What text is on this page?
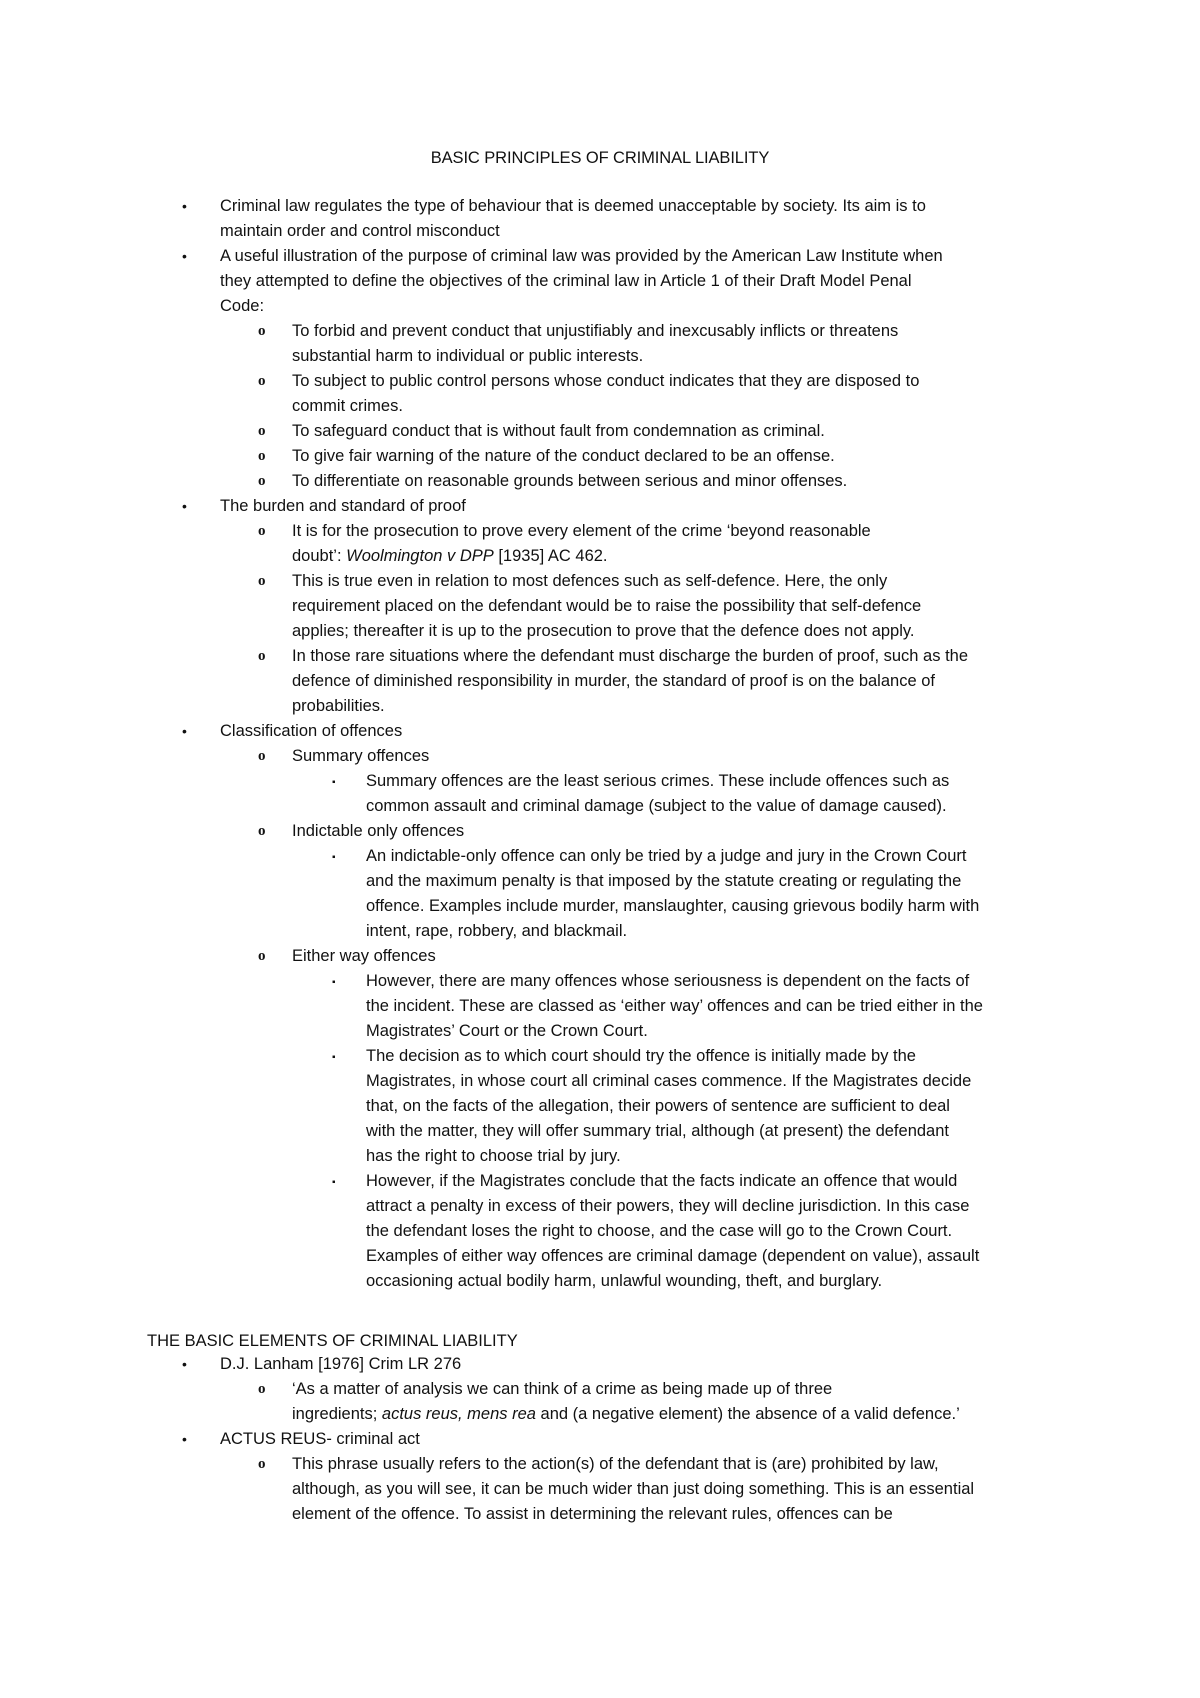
BASIC PRINCIPLES OF CRIMINAL LIABILITY
• Criminal law regulates the type of behaviour that is deemed unacceptable by society. Its aim is to
maintain order and control misconduct
• A useful illustration of the purpose of criminal law was provided by the American Law Institute when
they attempted to define the objectives of the criminal law in Article 1 of their Draft Model Penal
Code:
o To forbid and prevent conduct that unjustifiably and inexcusably inflicts or threatens
substantial harm to individual or public interests.
o To subject to public control persons whose conduct indicates that they are disposed to
commit crimes.
o To safeguard conduct that is without fault from condemnation as criminal.
o To give fair warning of the nature of the conduct declared to be an offense.
o To differentiate on reasonable grounds between serious and minor offenses.
• The burden and standard of proof
o It is for the prosecution to prove every element of the crime ‘beyond reasonable
doubt’: Woolmington v DPP [1935] AC 462.
o This is true even in relation to most defences such as self-defence. Here, the only
requirement placed on the defendant would be to raise the possibility that self-defence
applies; thereafter it is up to the prosecution to prove that the defence does not apply.
o In those rare situations where the defendant must discharge the burden of proof, such as the
defence of diminished responsibility in murder, the standard of proof is on the balance of
probabilities.
• Classification of offences
o Summary offences
▪ Summary offences are the least serious crimes. These include offences such as
common assault and criminal damage (subject to the value of damage caused).
o Indictable only offences
▪ An indictable-only offence can only be tried by a judge and jury in the Crown Court
and the maximum penalty is that imposed by the statute creating or regulating the
offence. Examples include murder, manslaughter, causing grievous bodily harm with
intent, rape, robbery, and blackmail.
o Either way offences
▪ However, there are many offences whose seriousness is dependent on the facts of
the incident. These are classed as ‘either way’ offences and can be tried either in the
Magistrates’ Court or the Crown Court.
▪ The decision as to which court should try the offence is initially made by the
Magistrates, in whose court all criminal cases commence. If the Magistrates decide
that, on the facts of the allegation, their powers of sentence are sufficient to deal
with the matter, they will offer summary trial, although (at present) the defendant
has the right to choose trial by jury.
▪ However, if the Magistrates conclude that the facts indicate an offence that would
attract a penalty in excess of their powers, they will decline jurisdiction. In this case
the defendant loses the right to choose, and the case will go to the Crown Court.
Examples of either way offences are criminal damage (dependent on value), assault
occasioning actual bodily harm, unlawful wounding, theft, and burglary.
THE BASIC ELEMENTS OF CRIMINAL LIABILITY
• D.J. Lanham [1976] Crim LR 276
o ‘As a matter of analysis we can think of a crime as being made up of three
ingredients; actus reus, mens rea and (a negative element) the absence of a valid defence.’
• ACTUS REUS- criminal act
o This phrase usually refers to the action(s) of the defendant that is (are) prohibited by law,
although, as you will see, it can be much wider than just doing something. This is an essential
element of the offence. To assist in determining the relevant rules, offences can be
